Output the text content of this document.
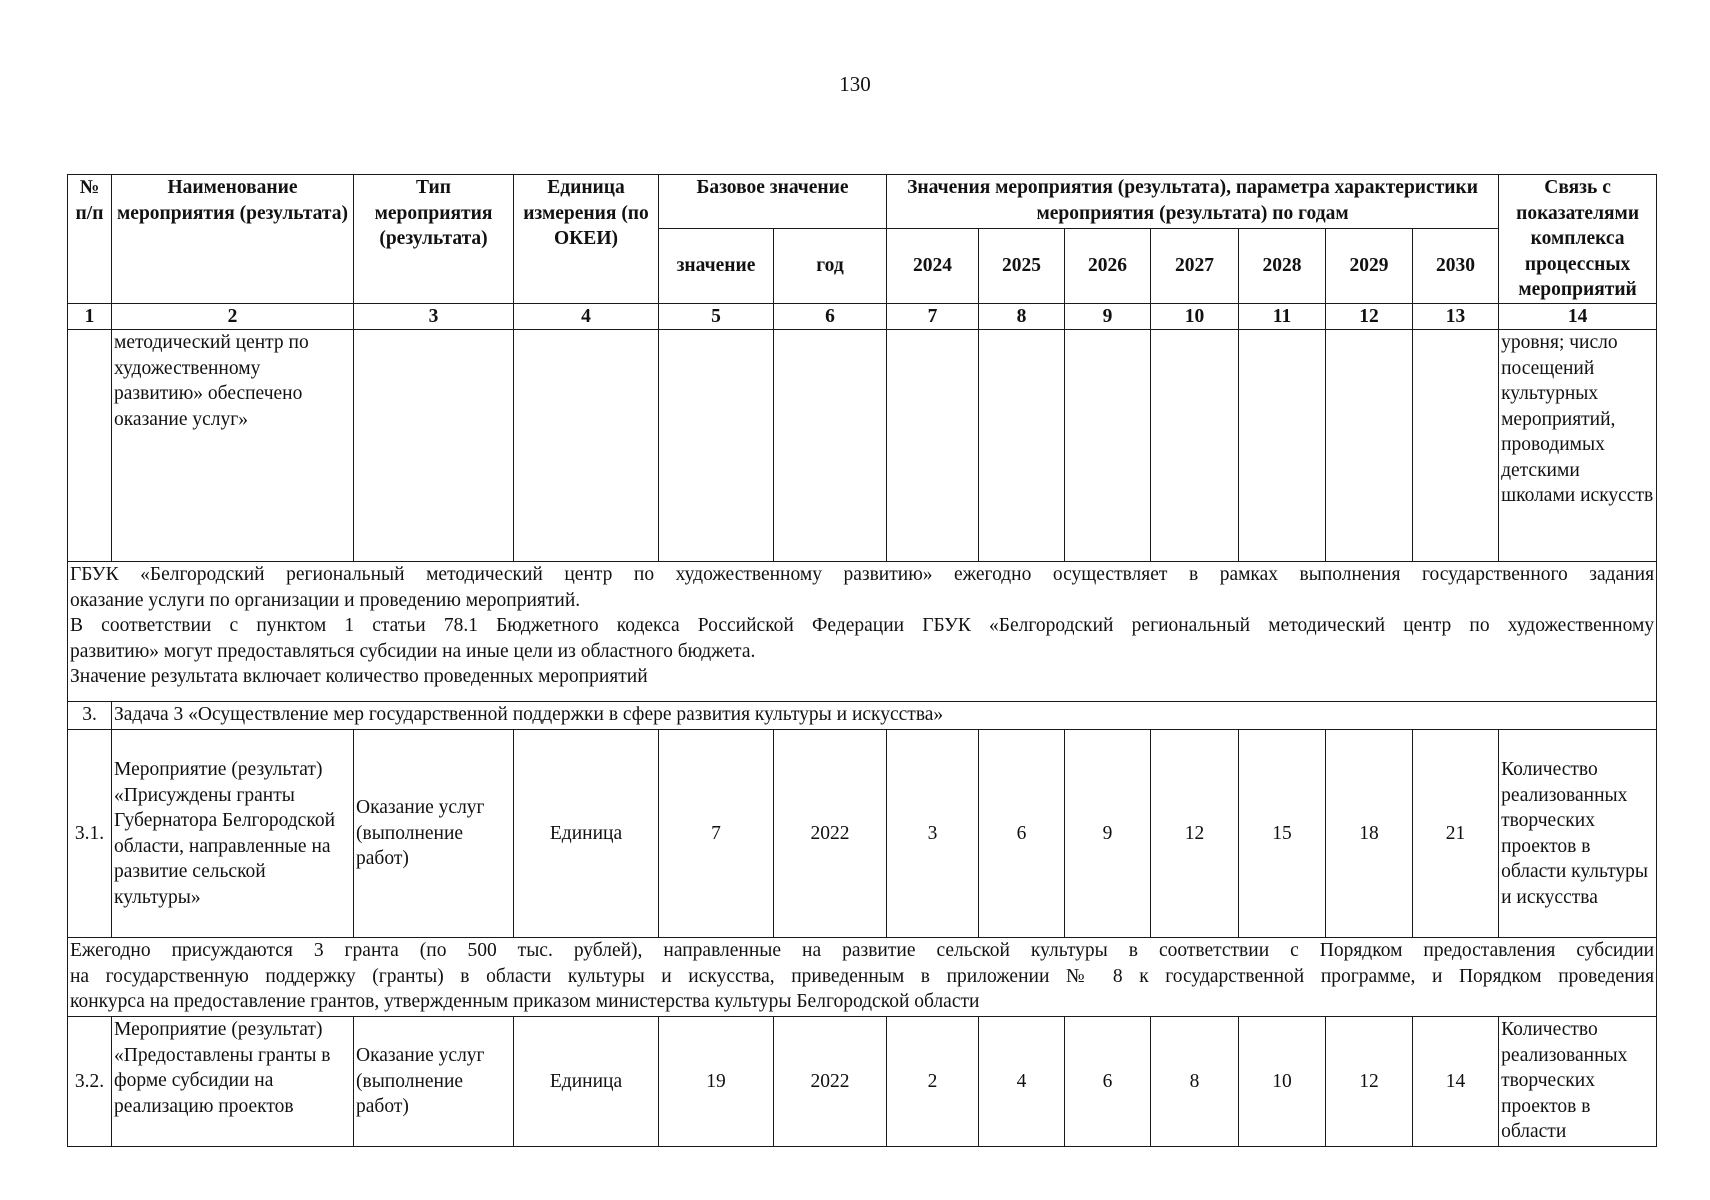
130
№ п/п	Наименование мероприятия (результата)	Тип мероприятия (результата)	Единица измерения (по ОКЕИ)	Базовое значение		Значения мероприятия (результата), параметра характеристики мероприятия (результата) по годам							Связь с показателями комплекса процессных мероприятий
				значение	год	2024	2025	2026	2027	2028	2029	2030	
1	2	3	4	5	6	7	8	9	10	11	12	13	14
	методический центр по художественному развитию» обеспечено оказание услуг»												уровня; число посещений культурных мероприятий, проводимых детскими школами искусств

ГБУК «Белгородский региональный методический центр по художественному развитию» ежегодно осуществляет в рамках выполнения государственного задания
оказание услуги по организации и проведению мероприятий.
В соответствии с пунктом 1 статьи 78.1 Бюджетного кодекса Российской Федерации ГБУК «Белгородский региональный методический центр по художественному
развитию» могут предоставляться субсидии на иные цели из областного бюджета.
Значение результата включает количество проведенных мероприятий													

3.	Задача 3 «Осуществление мер государственной поддержки в сфере развития культуры и искусства»												
3.1.	Мероприятие (результат) «Присуждены гранты Губернатора Белгородской области, направленные на развитие сельской культуры»	Оказание услуг (выполнение работ)	Единица	7	2022	3	6	9	12	15	18	21	Количество реализованных творческих проектов в области культуры и искусства

Ежегодно присуждаются 3 гранта (по 500 тыс. рублей), направленные на развитие сельской культуры в соответствии с Порядком предоставления субсидии
на государственную поддержку (гранты) в области культуры и искусства, приведенным в приложении № 8 к государственной программе, и Порядком проведения
конкурса на предоставление грантов, утвержденным приказом министерства культуры Белгородской области													

3.2.	Мероприятие (результат) «Предоставлены гранты в форме субсидии на реализацию проектов	Оказание услуг (выполнение работ)	Единица	19	2022	2	4	6	8	10	12	14	Количество реализованных творческих проектов в области
